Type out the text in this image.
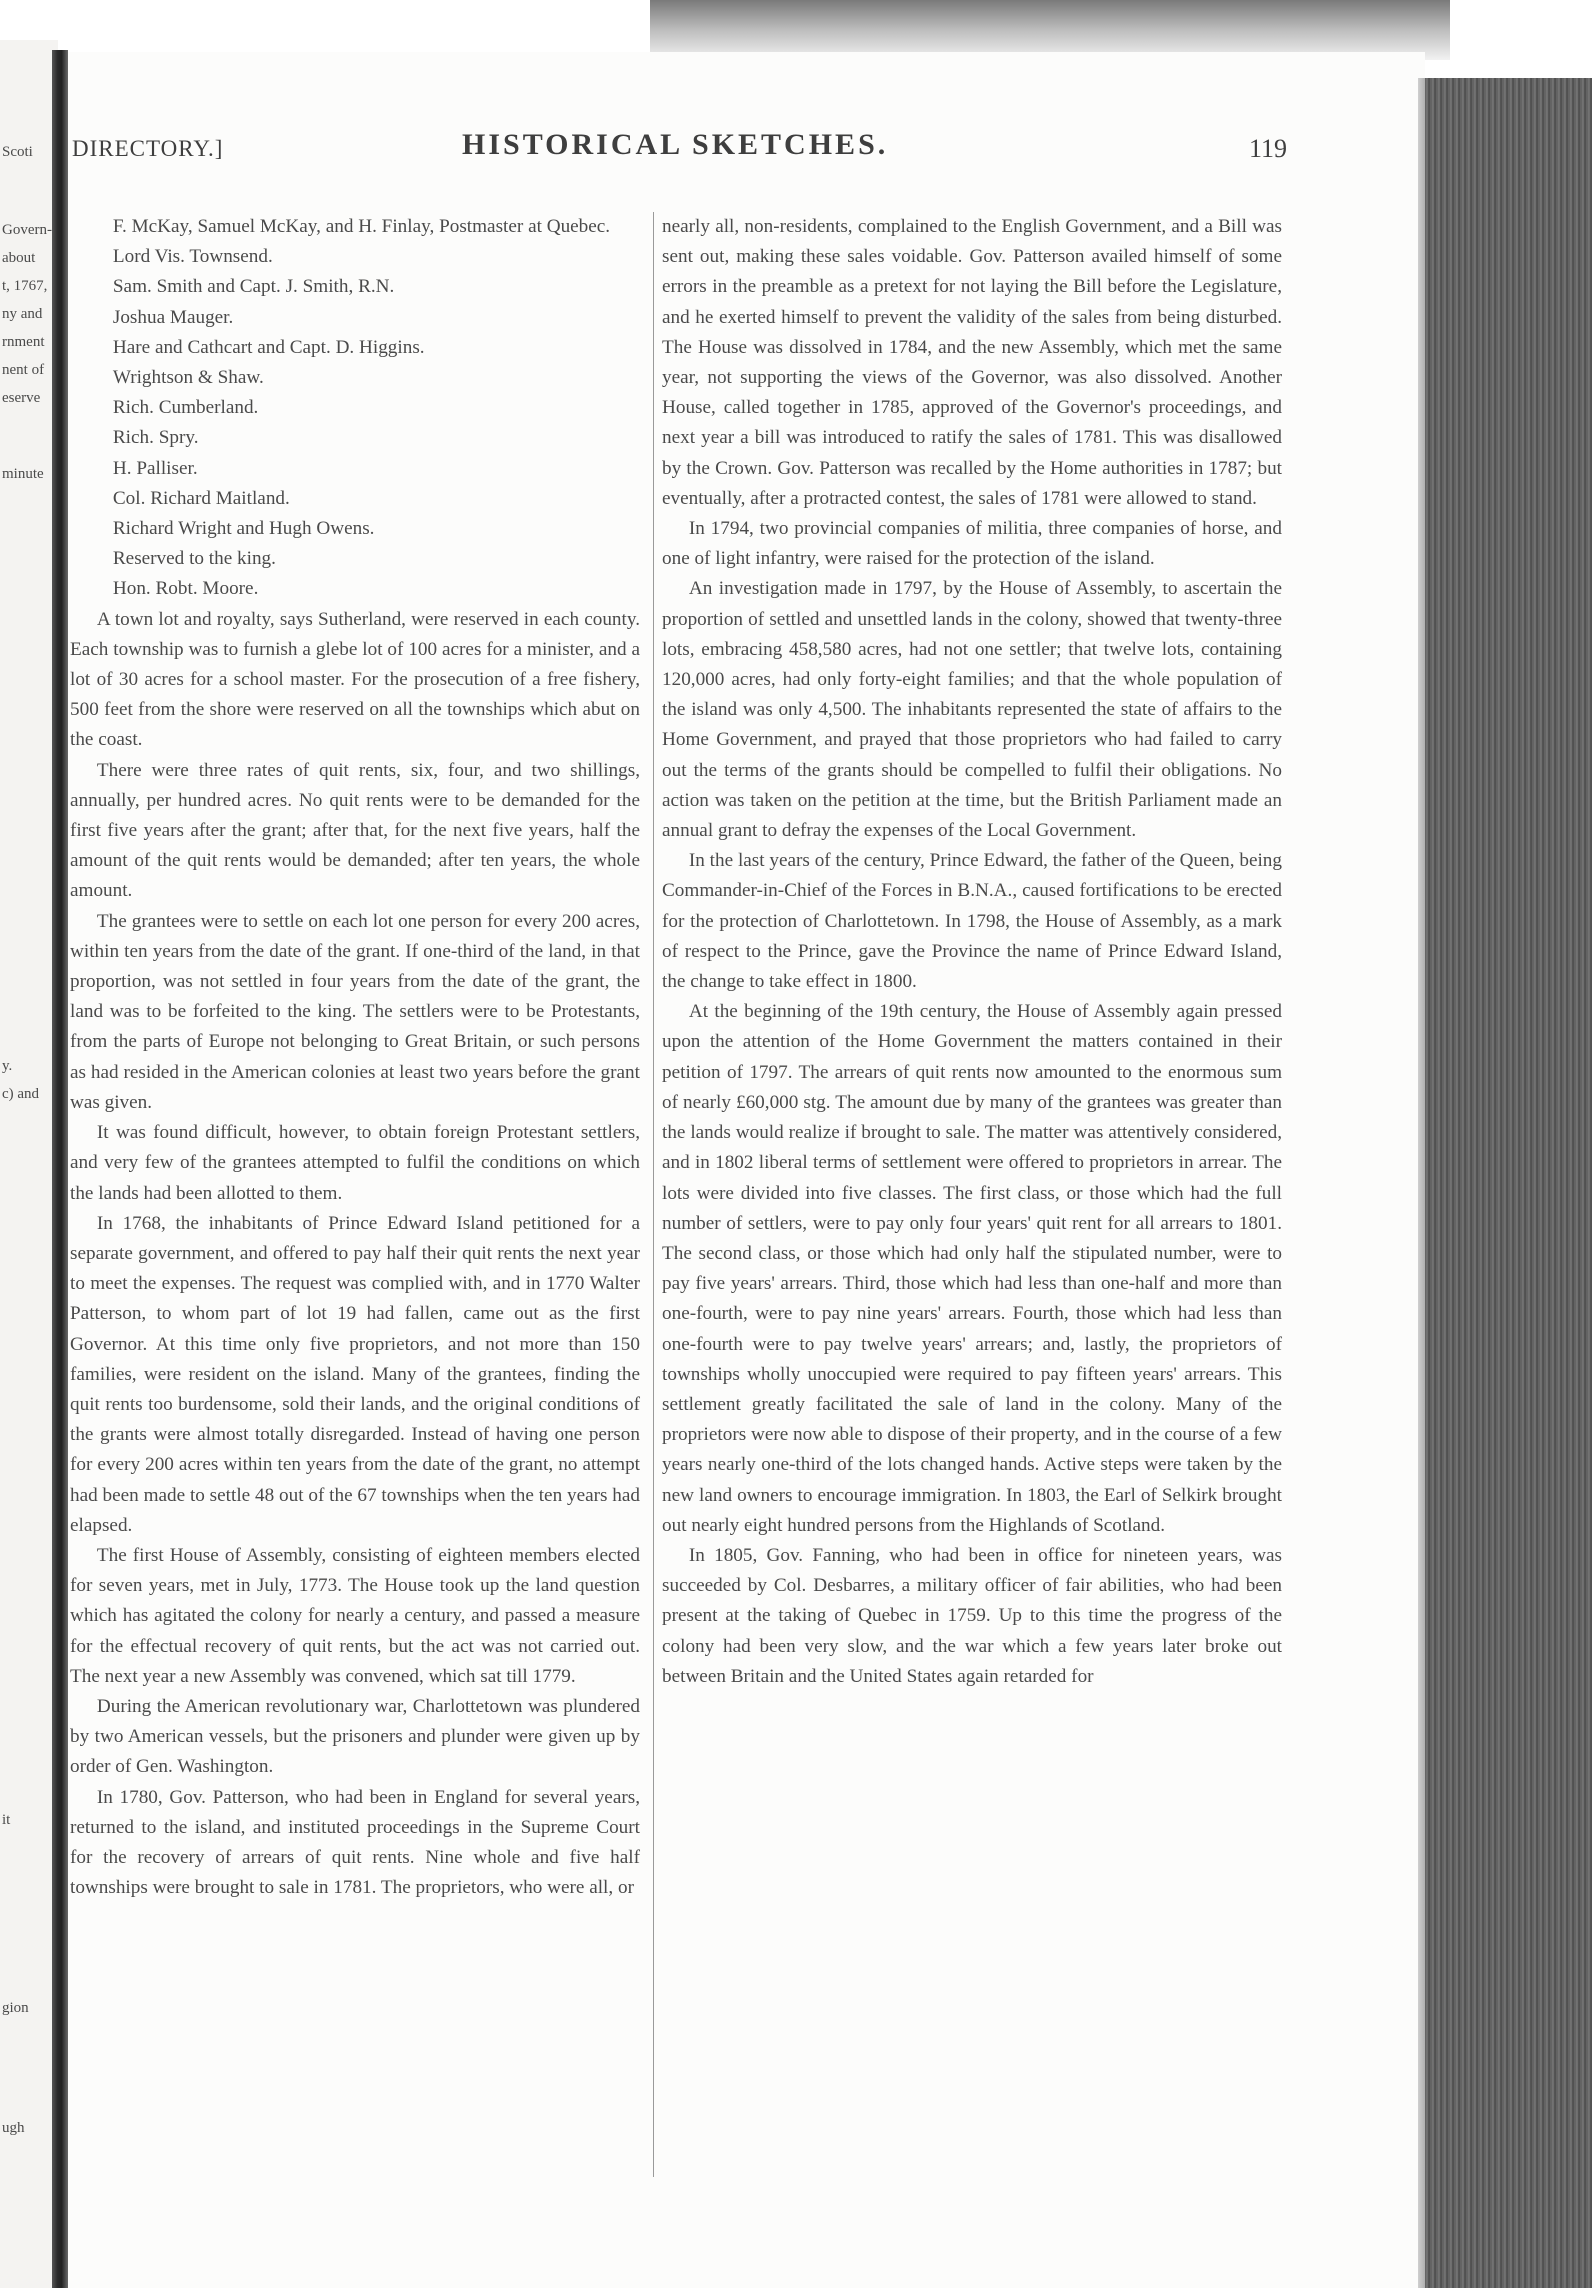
Scoti
Govern-
about
t, 1767,
ny and
rnment
nent of
eserve
minute
y.
c) and
it
gion
ugh
DIRECTORY.]	HISTORICAL SKETCHES.	119

F. McKay, Samuel McKay, and H. Finlay, Postmaster at Quebec.

Lord Vis. Townsend.

Sam. Smith and Capt. J. Smith, R.N.

Joshua Mauger.

Hare and Cathcart and Capt. D. Higgins.

Wrightson & Shaw.

Rich. Cumberland.

Rich. Spry.

H. Palliser.

Col. Richard Maitland.

Richard Wright and Hugh Owens.

Reserved to the king.

Hon. Robt. Moore.

A town lot and royalty, says Sutherland, were reserved in each county. Each township was to furnish a glebe lot of 100 acres for a minister, and a lot of 30 acres for a school master. For the prosecution of a free fishery, 500 feet from the shore were reserved on all the townships which abut on the coast.

There were three rates of quit rents, six, four, and two shillings, annually, per hundred acres. No quit rents were to be demanded for the first five years after the grant; after that, for the next five years, half the amount of the quit rents would be demanded; after ten years, the whole amount.

The grantees were to settle on each lot one person for every 200 acres, within ten years from the date of the grant. If one-third of the land, in that proportion, was not settled in four years from the date of the grant, the land was to be forfeited to the king. The settlers were to be Protestants, from the parts of Europe not belonging to Great Britain, or such persons as had resided in the American colonies at least two years before the grant was given.

It was found difficult, however, to obtain foreign Protestant settlers, and very few of the grantees attempted to fulfil the conditions on which the lands had been allotted to them.

In 1768, the inhabitants of Prince Edward Island petitioned for a separate government, and offered to pay half their quit rents the next year to meet the expenses. The request was complied with, and in 1770 Walter Patterson, to whom part of lot 19 had fallen, came out as the first Governor. At this time only five proprietors, and not more than 150 families, were resident on the island. Many of the grantees, finding the quit rents too burdensome, sold their lands, and the original conditions of the grants were almost totally disregarded. Instead of having one person for every 200 acres within ten years from the date of the grant, no attempt had been made to settle 48 out of the 67 townships when the ten years had elapsed.

The first House of Assembly, consisting of eighteen members elected for seven years, met in July, 1773. The House took up the land question which has agitated the colony for nearly a century, and passed a measure for the effectual recovery of quit rents, but the act was not carried out. The next year a new Assembly was convened, which sat till 1779.

During the American revolutionary war, Charlottetown was plundered by two American vessels, but the prisoners and plunder were given up by order of Gen. Washington.

In 1780, Gov. Patterson, who had been in England for several years, returned to the island, and instituted proceedings in the Supreme Court for the recovery of arrears of quit rents. Nine whole and five half townships were brought to sale in 1781. The proprietors, who were all, or

nearly all, non-residents, complained to the English Government, and a Bill was sent out, making these sales voidable. Gov. Patterson availed himself of some errors in the preamble as a pretext for not laying the Bill before the Legislature, and he exerted himself to prevent the validity of the sales from being disturbed. The House was dissolved in 1784, and the new Assembly, which met the same year, not supporting the views of the Governor, was also dissolved. Another House, called together in 1785, approved of the Governor's proceedings, and next year a bill was introduced to ratify the sales of 1781. This was disallowed by the Crown. Gov. Patterson was recalled by the Home authorities in 1787; but eventually, after a protracted contest, the sales of 1781 were allowed to stand.

In 1794, two provincial companies of militia, three companies of horse, and one of light infantry, were raised for the protection of the island.

An investigation made in 1797, by the House of Assembly, to ascertain the proportion of settled and unsettled lands in the colony, showed that twenty-three lots, embracing 458,580 acres, had not one settler; that twelve lots, containing 120,000 acres, had only forty-eight families; and that the whole population of the island was only 4,500. The inhabitants represented the state of affairs to the Home Government, and prayed that those proprietors who had failed to carry out the terms of the grants should be compelled to fulfil their obligations. No action was taken on the petition at the time, but the British Parliament made an annual grant to defray the expenses of the Local Government.

In the last years of the century, Prince Edward, the father of the Queen, being Commander-in-Chief of the Forces in B.N.A., caused fortifications to be erected for the protection of Charlottetown. In 1798, the House of Assembly, as a mark of respect to the Prince, gave the Province the name of Prince Edward Island, the change to take effect in 1800.

At the beginning of the 19th century, the House of Assembly again pressed upon the attention of the Home Government the matters contained in their petition of 1797. The arrears of quit rents now amounted to the enormous sum of nearly £60,000 stg. The amount due by many of the grantees was greater than the lands would realize if brought to sale. The matter was attentively considered, and in 1802 liberal terms of settlement were offered to proprietors in arrear. The lots were divided into five classes. The first class, or those which had the full number of settlers, were to pay only four years' quit rent for all arrears to 1801. The second class, or those which had only half the stipulated number, were to pay five years' arrears. Third, those which had less than one-half and more than one-fourth, were to pay nine years' arrears. Fourth, those which had less than one-fourth were to pay twelve years' arrears; and, lastly, the proprietors of townships wholly unoccupied were required to pay fifteen years' arrears. This settlement greatly facilitated the sale of land in the colony. Many of the proprietors were now able to dispose of their property, and in the course of a few years nearly one-third of the lots changed hands. Active steps were taken by the new land owners to encourage immigration. In 1803, the Earl of Selkirk brought out nearly eight hundred persons from the Highlands of Scotland.

In 1805, Gov. Fanning, who had been in office for nineteen years, was succeeded by Col. Desbarres, a military officer of fair abilities, who had been present at the taking of Quebec in 1759. Up to this time the progress of the colony had been very slow, and the war which a few years later broke out between Britain and the United States again retarded for
